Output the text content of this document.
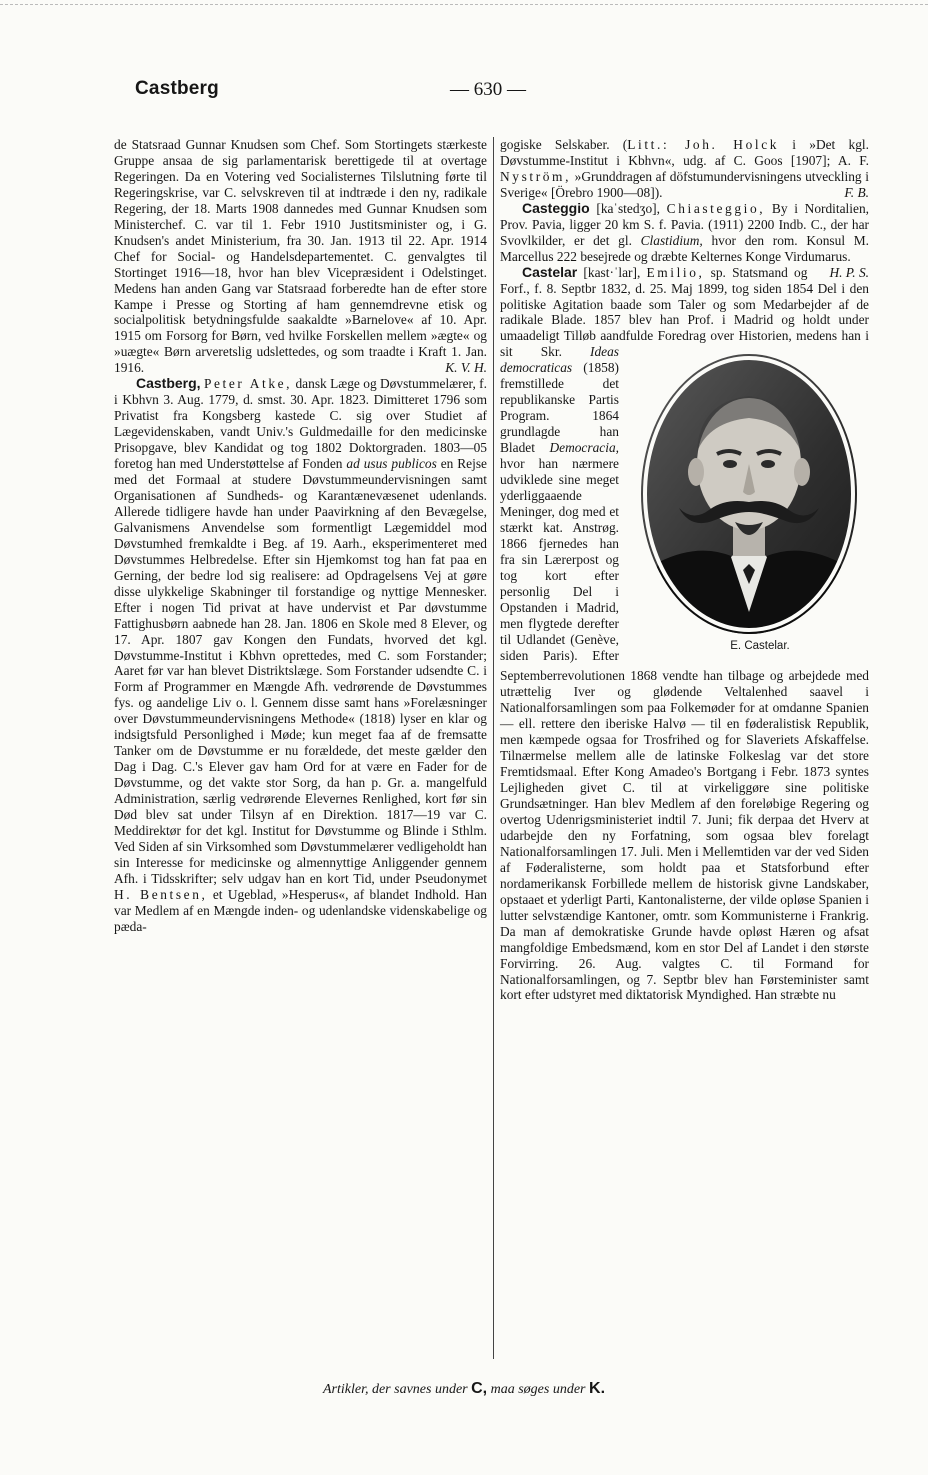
Castberg	— 630 —

de Statsraad Gunnar Knudsen som Chef. Som Stortingets stærkeste Gruppe ansaa de sig parlamentarisk berettigede til at overtage Regeringen. Da en Votering ved Socialisternes Tilslutning førte til Regeringskrise, var C. selvskreven til at indtræde i den ny, radikale Regering, der 18. Marts 1908 dannedes med Gunnar Knudsen som Ministerchef. C. var til 1. Febr 1910 Justitsminister og, i G. Knudsen's andet Ministerium, fra 30. Jan. 1913 til 22. Apr. 1914 Chef for Social- og Handelsdepartementet. C. genvalgtes til Stortinget 1916—18, hvor han blev Vicepræsident i Odelstinget. Medens han anden Gang var Statsraad forberedte han de efter store Kampe i Presse og Storting af ham gennemdrevne etisk og socialpolitisk betydningsfulde saakaldte »Barnelove« af 10. Apr. 1915 om Forsorg for Børn, ved hvilke Forskellen mellem »ægte« og »uægte« Børn arveretslig udslettedes, og som traadte i Kraft 1. Jan. 1916.	K. V. H.

Castberg, Peter Atke, dansk Læge og Døvstummelærer, f. i Kbhvn 3. Aug. 1779, d. smst. 30. Apr. 1823. Dimitteret 1796 som Privatist fra Kongsberg kastede C. sig over Studiet af Lægevidenskaben, vandt Univ.'s Guldmedaille for den medicinske Prisopgave, blev Kandidat og tog 1802 Doktorgraden. 1803—05 foretog han med Understøttelse af Fonden ad usus publicos en Rejse med det Formaal at studere Døvstummeundervisningen samt Organisationen af Sundheds- og Karantænevæsenet udenlands. Allerede tidligere havde han under Paavirkning af den Bevægelse, Galvanismens Anvendelse som formentligt Lægemiddel mod Døvstumhed fremkaldte i Beg. af 19. Aarh., eksperimenteret med Døvstummes Helbredelse. Efter sin Hjemkomst tog han fat paa en Gerning, der bedre lod sig realisere: ad Opdragelsens Vej at gøre disse ulykkelige Skabninger til forstandige og nyttige Mennesker. Efter i nogen Tid privat at have undervist et Par døvstumme Fattighusbørn aabnede han 28. Jan. 1806 en Skole med 8 Elever, og 17. Apr. 1807 gav Kongen den Fundats, hvorved det kgl. Døvstumme-Institut i Kbhvn oprettedes, med C. som Forstander; Aaret før var han blevet Distriktslæge. Som Forstander udsendte C. i Form af Programmer en Mængde Afh. vedrørende de Døvstummes fys. og aandelige Liv o. l. Gennem disse samt hans »Forelæsninger over Døvstummeundervisningens Methode« (1818) lyser en klar og indsigtsfuld Personlighed i Møde; kun meget faa af de fremsatte Tanker om de Døvstumme er nu forældede, det meste gælder den Dag i Dag. C.'s Elever gav ham Ord for at være en Fader for de Døvstumme, og det vakte stor Sorg, da han p. Gr. a. mangelfuld Administration, særlig vedrørende Elevernes Renlighed, kort før sin Død blev sat under Tilsyn af en Direktion. 1817—19 var C. Meddirektør for det kgl. Institut for Døvstumme og Blinde i Sthlm. Ved Siden af sin Virksomhed som Døvstummelærer vedligeholdt han sin Interesse for medicinske og almennyttige Anliggender gennem Afh. i Tidsskrifter; selv udgav han en kort Tid, under Pseudonymet H. Bentsen, et Ugeblad, »Hesperus«, af blandet Indhold. Han var Medlem af en Mængde inden- og udenlandske videnskabelige og pæda-

gogiske Selskaber. (Litt.: Joh. Holck i »Det kgl. Døvstumme-Institut i Kbhvn«, udg. af C. Goos [1907]; A. F. Nyström, »Grunddragen af döfstumundervisningens utveckling i Sverige« [Örebro 1900—08]).	F. B.

Casteggio [kaˈstedʒo], Chiasteggio, By i Norditalien, Prov. Pavia, ligger 20 km S. f. Pavia. (1911) 2200 Indb. C., der har Svovlkilder, er det gl. Clastidium, hvor den rom. Konsul M. Marcellus 222 besejrede og dræbte Kelternes Konge Virdumarus.
H. P. S.

Castelar [kast·ˈlar], Emilio, sp. Statsmand og Forf., f. 8. Septbr 1832, d. 25. Maj 1899, tog siden 1854 Del i den politiske Agitation baade som Taler og som Medarbejder af de radikale Blade. 1857 blev han Prof. i Madrid og holdt under umaadeligt Tilløb aandfulde Foredrag over Historien, medens han i sit Skr.
E. Castelar.
Ideas democraticas (1858) fremstillede det republikanske Partis Program. 1864 grundlagde han Bladet Democracia, hvor han nærmere udviklede sine meget yderliggaaende Meninger, dog med et stærkt kat. Anstrøg. 1866 fjernedes han fra sin Lærerpost og tog kort efter personlig Del i Opstanden i Madrid, men flygtede derefter til Udlandet (Genève, siden Paris). Efter Septemberrevolutionen 1868 vendte han tilbage og arbejdede med utrættelig Iver og glødende Veltalenhed saavel i Nationalforsamlingen som paa Folkemøder for at omdanne Spanien — ell. rettere den iberiske Halvø — til en føderalistisk Republik, men kæmpede ogsaa for Trosfrihed og for Slaveriets Afskaffelse. Tilnærmelse mellem alle de latinske Folkeslag var det store Fremtidsmaal. Efter Kong Amadeo's Bortgang i Febr. 1873 syntes Lejligheden givet C. til at virkeliggøre sine politiske Grundsætninger. Han blev Medlem af den foreløbige Regering og overtog Udenrigsministeriet indtil 7. Juni; fik derpaa det Hverv at udarbejde den ny Forfatning, som ogsaa blev forelagt Nationalforsamlingen 17. Juli. Men i Mellemtiden var der ved Siden af Føderalisterne, som holdt paa et Statsforbund efter nordamerikansk Forbillede mellem de historisk givne Landskaber, opstaaet et yderligt Parti, Kantonalisterne, der vilde opløse Spanien i lutter selvstændige Kantoner, omtr. som Kommunisterne i Frankrig. Da man af demokratiske Grunde havde opløst Hæren og afsat mangfoldige Embedsmænd, kom en stor Del af Landet i den største Forvirring. 26. Aug. valgtes C. til Formand for Nationalforsamlingen, og 7. Septbr blev han Førsteminister samt kort efter udstyret med diktatorisk Myndighed. Han stræbte nu

Artikler, der savnes under C, maa søges under K.
